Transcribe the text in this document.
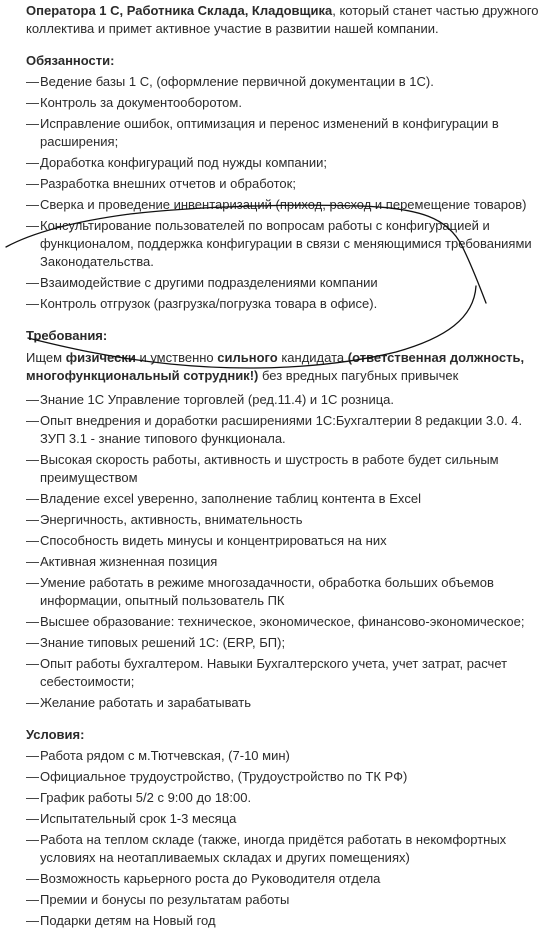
Оператора 1 С, Работника Склада, Кладовщика, который станет частью дружного коллектива и примет активное участие в развитии нашей компании.

Обязанности:
— Ведение базы 1 С, (оформление первичной документации в 1С).
— Контроль за документооборотом.
— Исправление ошибок, оптимизация и перенос изменений в конфигурации в расширения;
— Доработка конфигураций под нужды компании;
— Разработка внешних отчетов и обработок;
— Сверка и проведение инвентаризаций (приход, расход и перемещение товаров)
— Консультирование пользователей по вопросам работы с конфигурацией и функционалом, поддержка конфигурации в связи с меняющимися требованиями Законодательства.
— Взаимодействие с другими подразделениями компании
— Контроль отгрузок (разгрузка/погрузка товара в офисе).
Требования:

Ищем физически и умственно сильного кандидата (ответственная должность, многофункциональный сотрудник!) без вредных пагубных привычек

— Знание 1С Управление торговлей (ред.11.4) и 1С розница.
— Опыт внедрения и доработки расширениями 1С:Бухгалтерии 8 редакции 3.0. 4. ЗУП 3.1 - знание типового функционала.
— Высокая скорость работы, активность и шустрость в работе будет сильным преимуществом
— Владение excel уверенно, заполнение таблиц контента в Excel
— Энергичность, активность, внимательность
— Способность видеть минусы и концентрироваться на них
— Активная жизненная позиция
— Умение работать в режиме многозадачности, обработка больших объемов информации, опытный пользователь ПК
— Высшее образование: техническое, экономическое, финансово-экономическое;
— Знание типовых решений 1С: (ERP, БП);
— Опыт работы бухгалтером. Навыки Бухгалтерского учета, учет затрат, расчет себестоимости;
— Желание работать и зарабатывать
Условия:
— Работа рядом с м.Тютчевская, (7-10 мин)
— Официальное трудоустройство, (Трудоустройство по ТК РФ)
— График работы 5/2 с 9:00 до 18:00.
— Испытательный срок 1-3 месяца
— Работа на теплом складе (также, иногда придётся работать в некомфортных условиях на неотапливаемых складах и других помещениях)
— Возможность карьерного роста до Руководителя отдела
— Премии и бонусы по результатам работы
— Подарки детям на Новый год
